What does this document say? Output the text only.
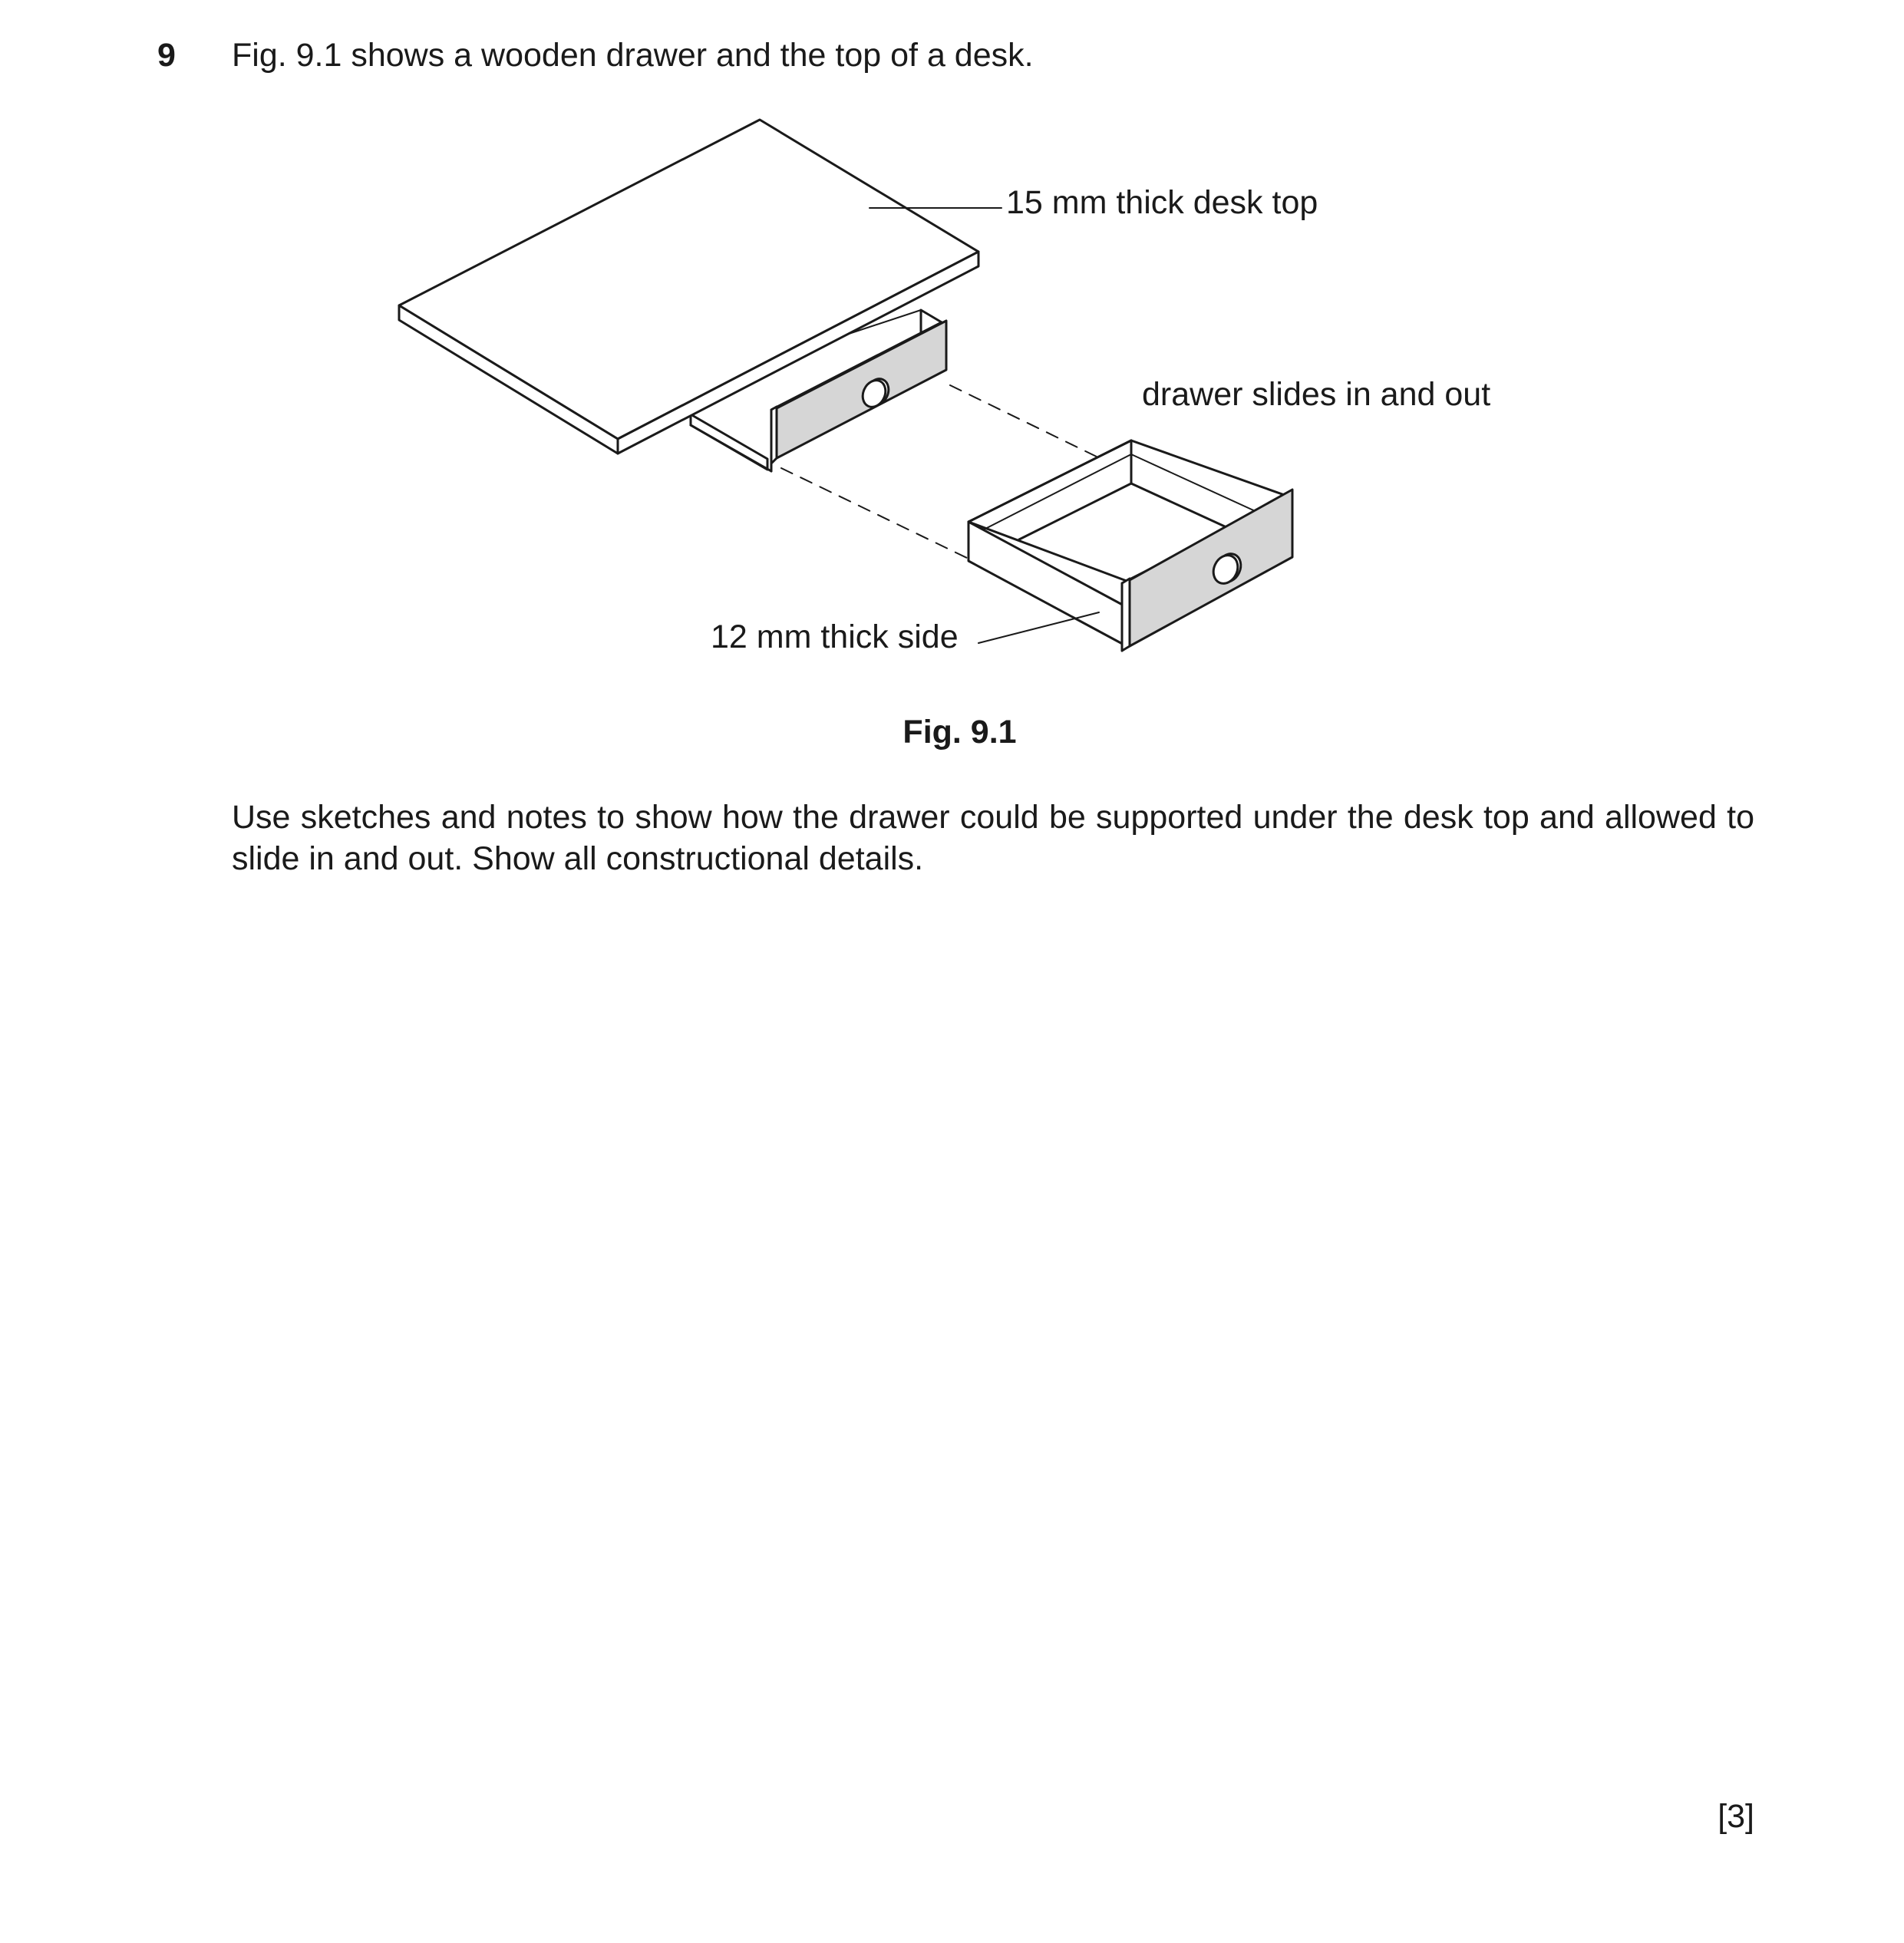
9 Fig. 9.1 shows a wooden drawer and the top of a desk.
15 mm thick desk top
drawer slides in and out
12 mm thick side
Fig. 9.1
Use sketches and notes to show how the drawer could be supported under the desk top and allowed to slide in and out. Show all constructional details.
[3]
